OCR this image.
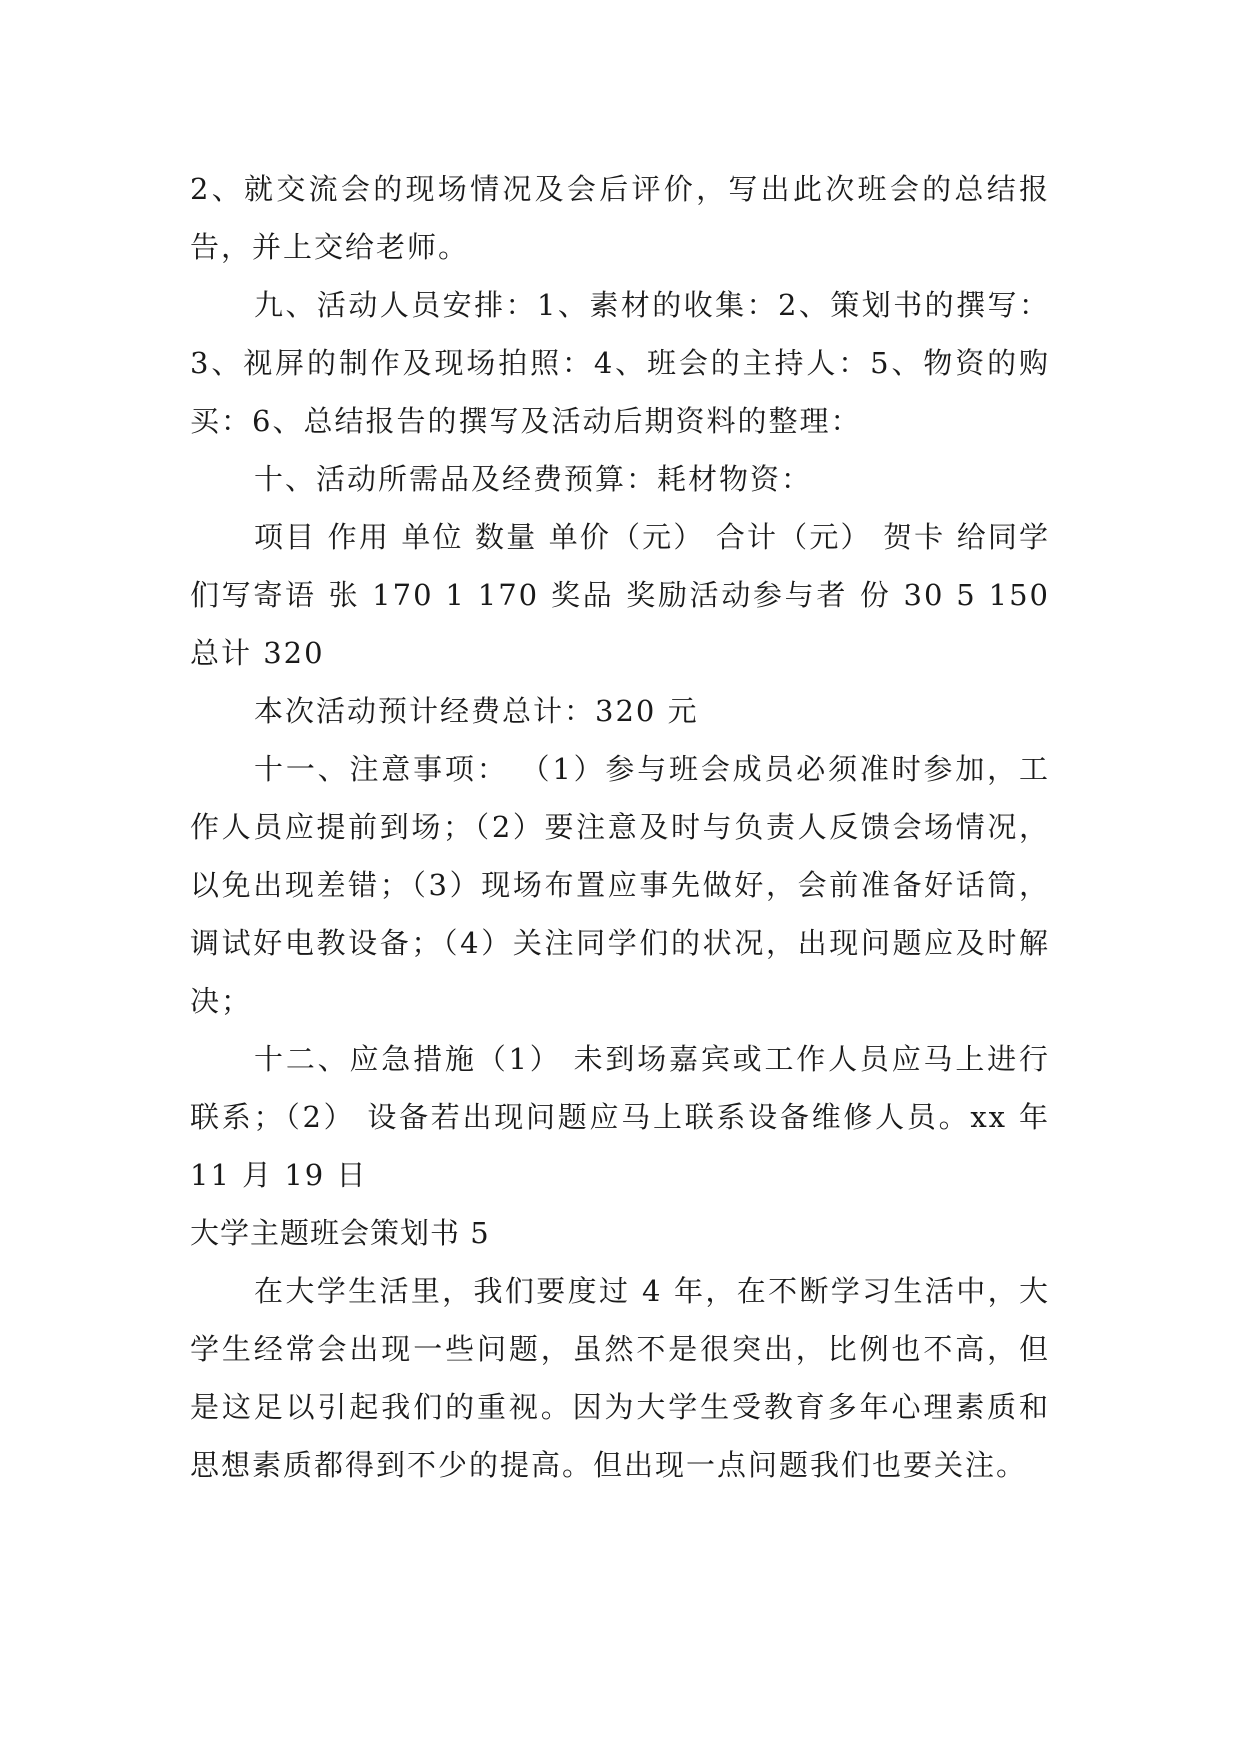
2、就交流会的现场情况及会后评价，写出此次班会的总结报告，并上交给老师。

九、活动人员安排：1、素材的收集：2、策划书的撰写：3、视屏的制作及现场拍照：4、班会的主持人：5、物资的购买：6、总结报告的撰写及活动后期资料的整理：

十、活动所需品及经费预算：耗材物资：

项目 作用 单位 数量 单价（元） 合计（元） 贺卡 给同学们写寄语 张 170 1 170 奖品 奖励活动参与者 份 30 5 150 总计 320

本次活动预计经费总计：320 元

十一、注意事项： （1）参与班会成员必须准时参加，工作人员应提前到场；（2）要注意及时与负责人反馈会场情况，以免出现差错；（3）现场布置应事先做好，会前准备好话筒，调试好电教设备；（4）关注同学们的状况，出现问题应及时解决；

十二、应急措施（1） 未到场嘉宾或工作人员应马上进行联系；（2） 设备若出现问题应马上联系设备维修人员。xx 年 11 月 19 日

大学主题班会策划书 5

在大学生活里，我们要度过 4 年，在不断学习生活中，大学生经常会出现一些问题，虽然不是很突出，比例也不高，但是这足以引起我们的重视。因为大学生受教育多年心理素质和思想素质都得到不少的提高。但出现一点问题我们也要关注。
